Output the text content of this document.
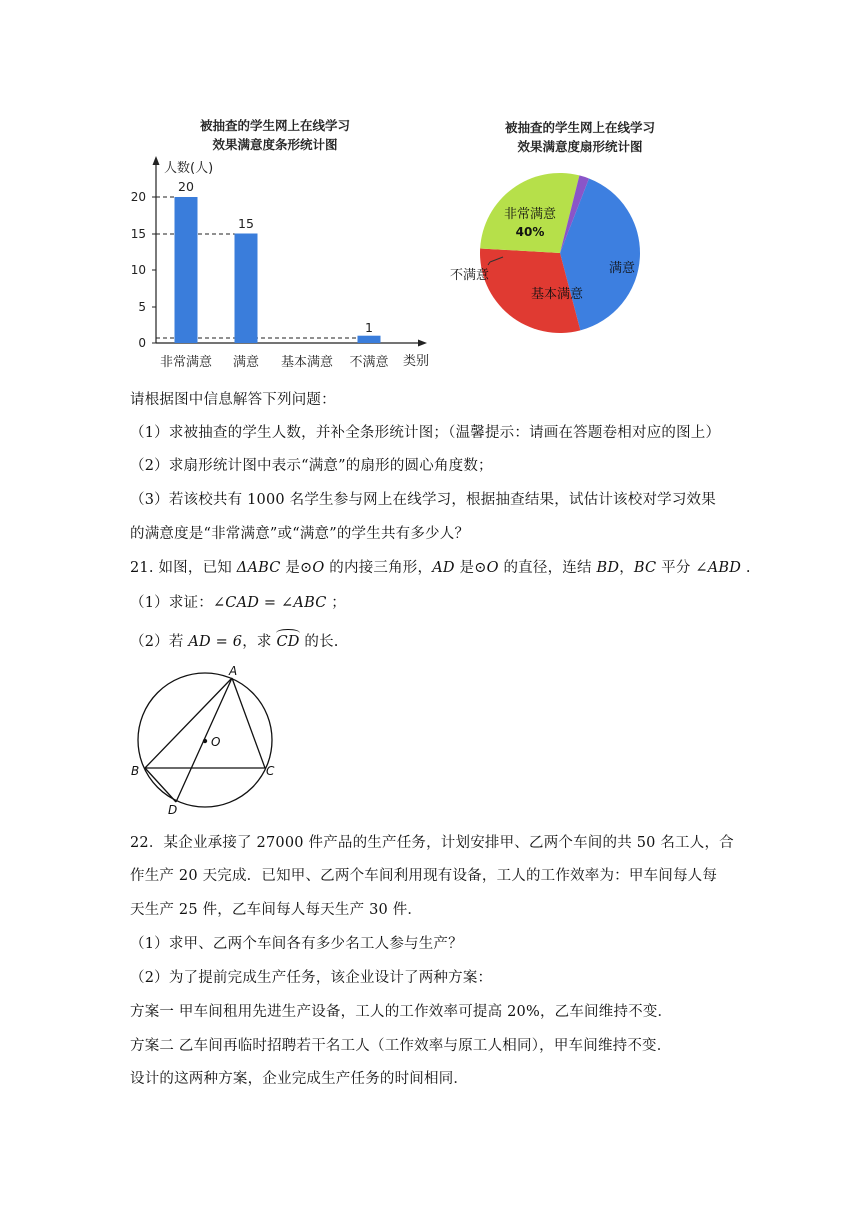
被抽查的学生网上在线学习
效果满意度条形统计图
0
5
10
15
20
人数(人)
20
15
1
非常满意 满意 基本满意 不满意 类别
被抽查的学生网上在线学习
效果满意度扇形统计图
非常满意
40%
满意
基本满意
不满意
请根据图中信息解答下列问题：
（1）求被抽查的学生人数，并补全条形统计图；（温馨提示：请画在答题卷相对应的图上）
（2）求扇形统计图中表示“满意”的扇形的圆心角度数；
（3）若该校共有 1000 名学生参与网上在线学习，根据抽查结果，试估计该校对学习效果
的满意度是“非常满意”或“满意”的学生共有多少人？
21. 如图，已知 ΔABC 是⊙O 的内接三角形，AD 是⊙O 的直径，连结 BD，BC 平分 ∠ABD .
（1）求证：∠CAD = ∠ABC ；
（2）若 AD = 6，求
CD 的长.
A
O
B	C
D
22．某企业承接了 27000 件产品的生产任务，计划安排甲、乙两个车间的共 50 名工人，合
作生产 20 天完成．已知甲、乙两个车间利用现有设备，工人的工作效率为：甲车间每人每
天生产 25 件，乙车间每人每天生产 30 件．
（1）求甲、乙两个车间各有多少名工人参与生产？
（2）为了提前完成生产任务，该企业设计了两种方案：
方案一 甲车间租用先进生产设备，工人的工作效率可提高 20%，乙车间维持不变．
方案二 乙车间再临时招聘若干名工人（工作效率与原工人相同），甲车间维持不变．
设计的这两种方案，企业完成生产任务的时间相同．
